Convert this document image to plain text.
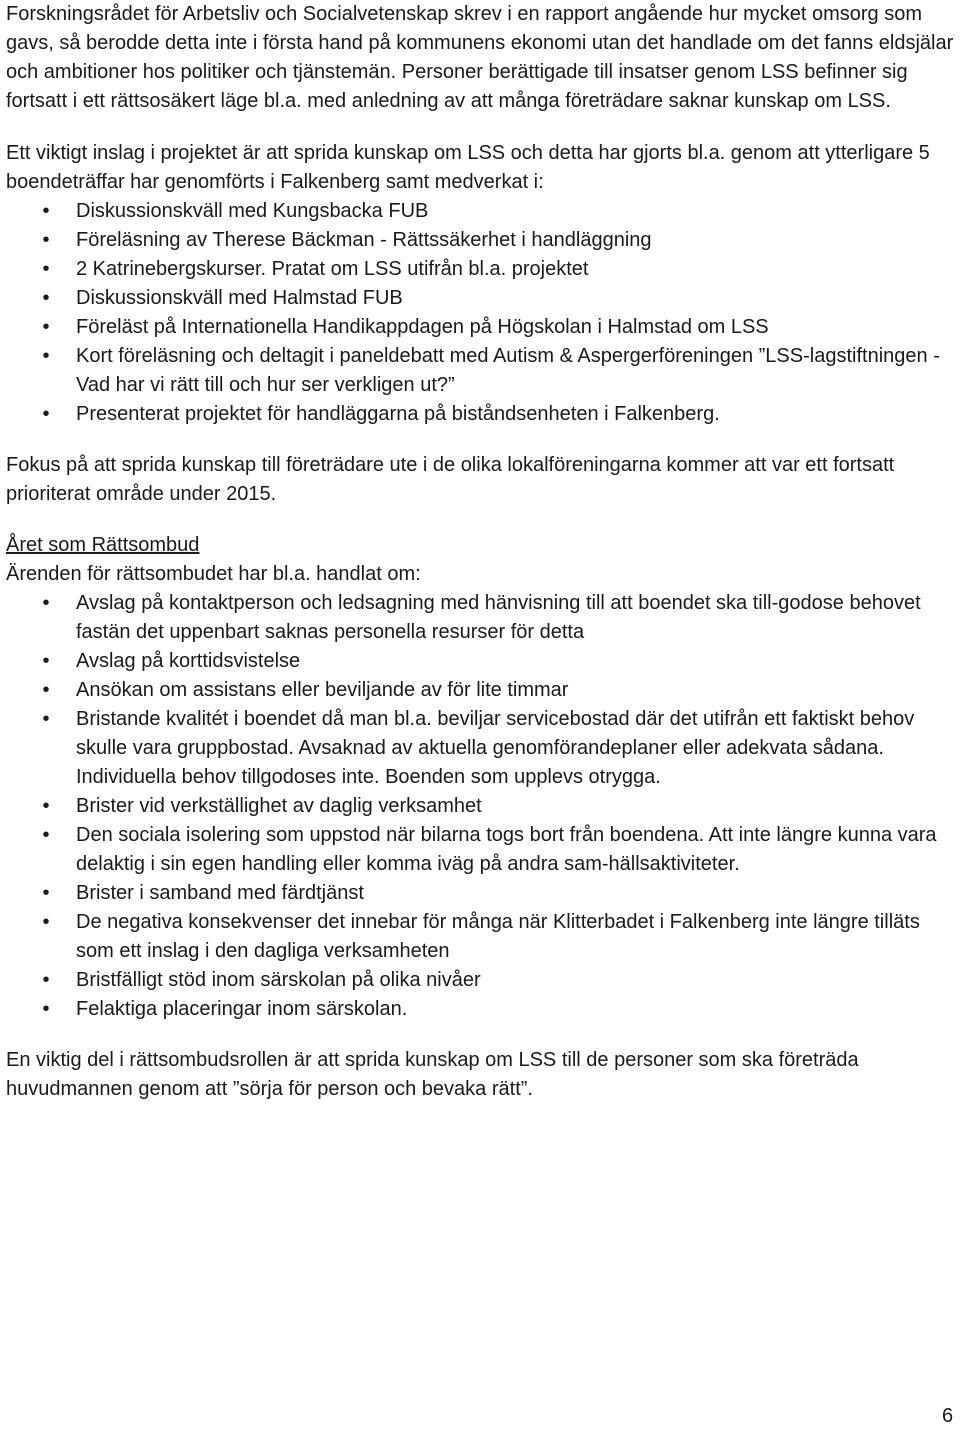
Forskningsrådet för Arbetsliv och Socialvetenskap skrev i en rapport angående hur mycket omsorg som gavs, så berodde detta inte i första hand på kommunens ekonomi utan det handlade om det fanns eldsjälar och ambitioner hos politiker och tjänstemän. Personer berättigade till insatser genom LSS befinner sig fortsatt i ett rättsosäkert läge bl.a. med anledning av att många företrädare saknar kunskap om LSS.

Ett viktigt inslag i projektet är att sprida kunskap om LSS och detta har gjorts bl.a. genom att ytterligare 5 boendeträffar har genomförts i Falkenberg samt medverkat i:

•	Diskussionskväll med Kungsbacka FUB
•	Föreläsning av Therese Bäckman - Rättssäkerhet i handläggning
•	2 Katrinebergskurser. Pratat om LSS utifrån bl.a. projektet
•	Diskussionskväll med Halmstad FUB
•	Föreläst på Internationella Handikappdagen på Högskolan i Halmstad om LSS
•	Kort föreläsning och deltagit i paneldebatt med Autism & Aspergerföreningen ”LSS-lagstiftningen - Vad har vi rätt till och hur ser verkligen ut?”
•	Presenterat projektet för handläggarna på biståndsenheten i Falkenberg.

Fokus på att sprida kunskap till företrädare ute i de olika lokalföreningarna kommer att var ett fortsatt prioriterat område under 2015.

Året som Rättsombud

Ärenden för rättsombudet har bl.a. handlat om:

•	Avslag på kontaktperson och ledsagning med hänvisning till att boendet ska till-godose behovet fastän det uppenbart saknas personella resurser för detta
•	Avslag på korttidsvistelse
•	Ansökan om assistans eller beviljande av för lite timmar
•	Bristande kvalitét i boendet då man bl.a. beviljar servicebostad där det utifrån ett faktiskt behov skulle vara gruppbostad. Avsaknad av aktuella genomförandeplaner eller adekvata sådana. Individuella behov tillgodoses inte. Boenden som upplevs otrygga.
•	Brister vid verkställighet av daglig verksamhet
•	Den sociala isolering som uppstod när bilarna togs bort från boendena. Att inte längre kunna vara delaktig i sin egen handling eller komma iväg på andra sam-hällsaktiviteter.
•	Brister i samband med färdtjänst
•	De negativa konsekvenser det innebar för många när Klitterbadet i Falkenberg inte längre tilläts som ett inslag i den dagliga verksamheten
•	Bristfälligt stöd inom särskolan på olika nivåer
•	Felaktiga placeringar inom särskolan.

En viktig del i rättsombudsrollen är att sprida kunskap om LSS till de personer som ska företräda huvudmannen genom att ”sörja för person och bevaka rätt”.

6
